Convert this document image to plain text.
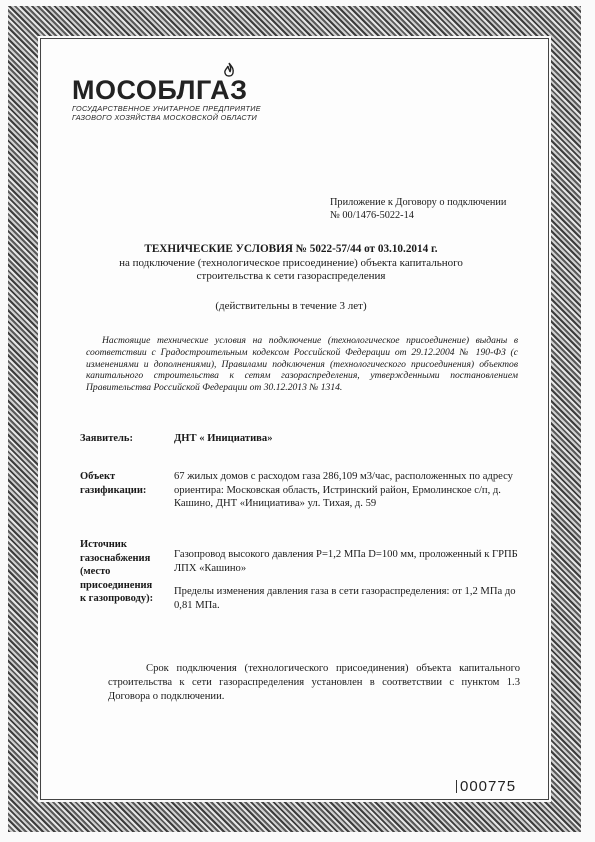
МОСОБЛГАЗ
ГОСУДАРСТВЕННОЕ УНИТАРНОЕ ПРЕДПРИЯТИЕ
ГАЗОВОГО ХОЗЯЙСТВА МОСКОВСКОЙ ОБЛАСТИ
Приложение к Договору о подключении
№ 00/1476-5022-14
ТЕХНИЧЕСКИЕ УСЛОВИЯ № 5022-57/44 от 03.10.2014 г.
на подключение (технологическое присоединение) объекта капитального
строительства к сети газораспределения
(действительны в течение 3 лет)
Настоящие технические условия на подключение (технологическое присоединение) выданы в соответствии с Градостроительным кодексом Российской Федерации от 29.12.2004 № 190-ФЗ (с изменениями и дополнениями), Правилами подключения (технологического присоединения) объектов капитального строительства к сетям газораспределения, утвержденными постановлением Правительства Российской Федерации от 30.12.2013 № 1314.
Заявитель:	ДНТ « Инициатива»
Объект
газификации:
67 жилых домов с расходом газа 286,109 м3/час, расположенных по адресу ориентира: Московская область, Истринский район, Ермолинское с/п, д. Кашино, ДНТ «Инициатива» ул. Тихая, д. 59
Источник
газоснабжения
(место
присоединения
к газопроводу):
Газопровод высокого давления Р=1,2 МПа D=100 мм, проложенный к ГРПБ ЛПХ «Кашино»
Пределы изменения давления газа в сети газораспределения: от 1,2 МПа до 0,81 МПа.
Срок подключения (технологического присоединения) объекта капитального строительства к сети газораспределения установлен в соответствии с пунктом 1.3 Договора о подключении.
000775
